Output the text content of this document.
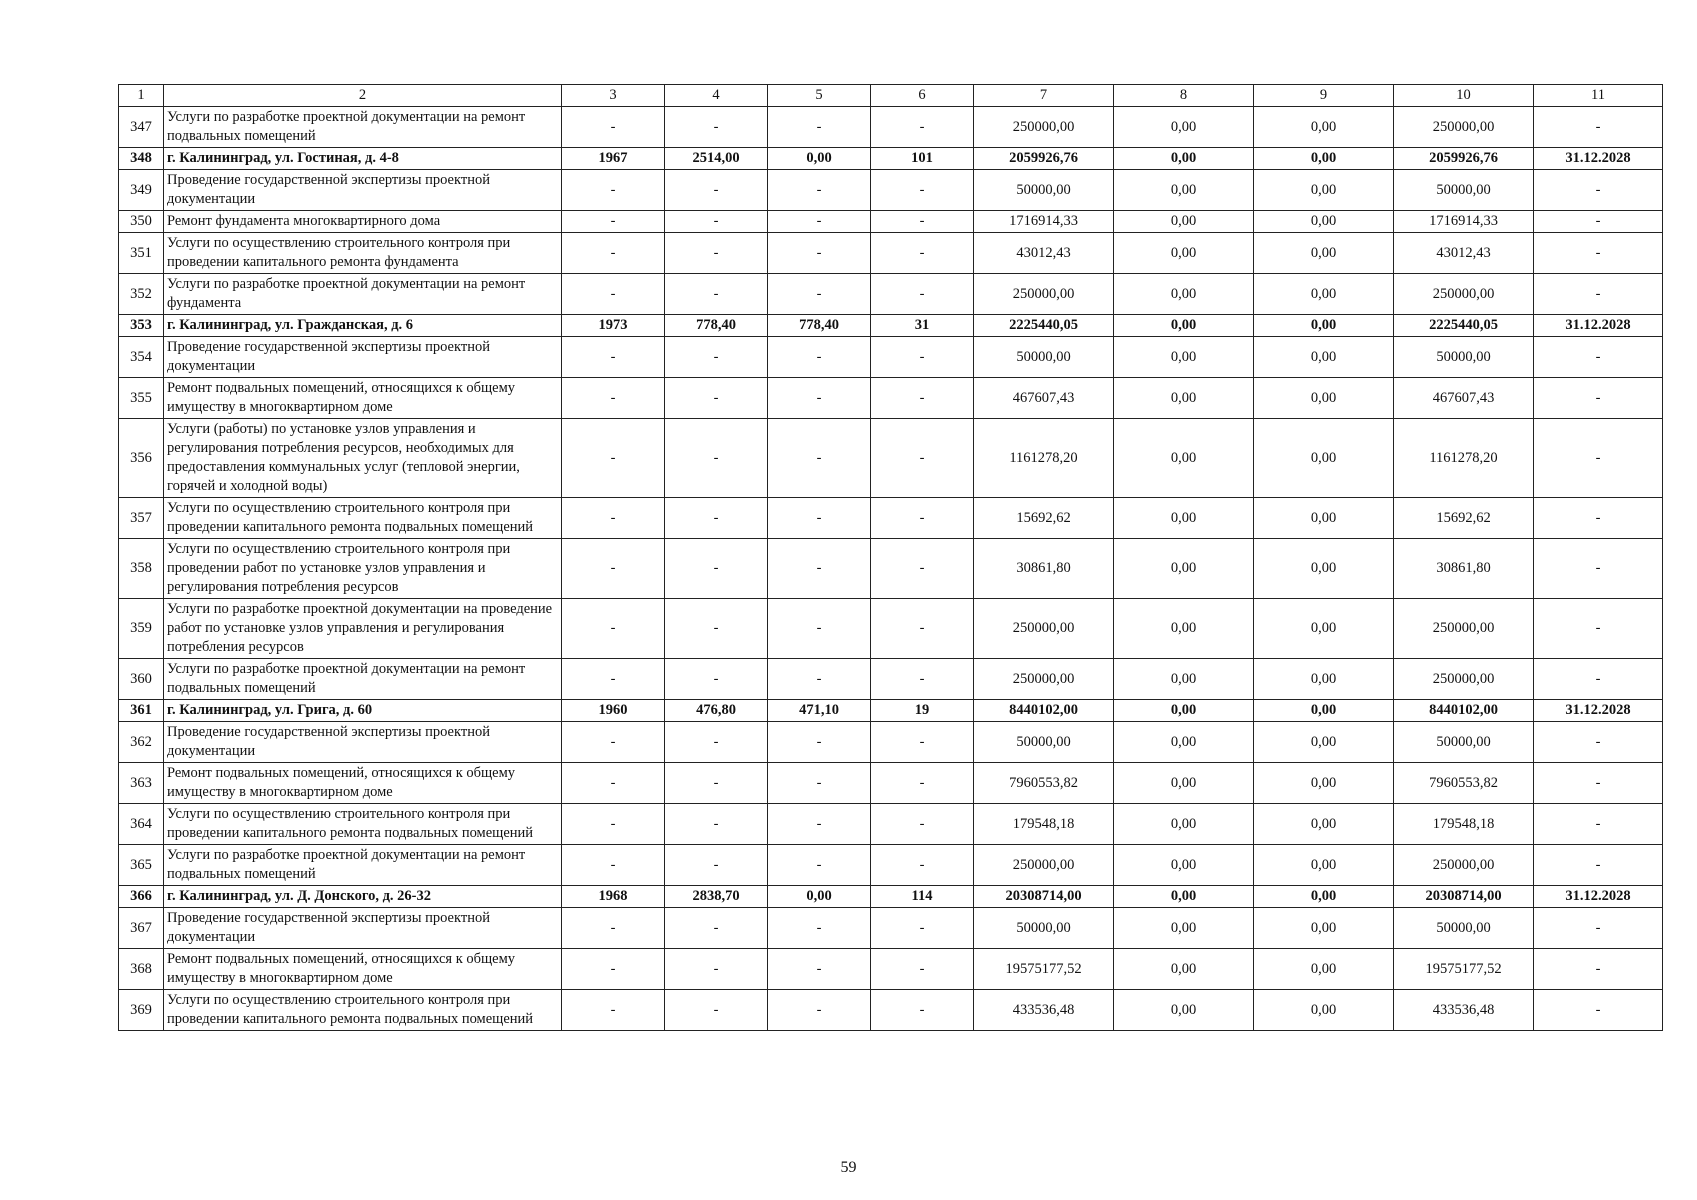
1	2	3	4	5	6	7	8	9	10	11
347	Услуги по разработке проектной документации на ремонт подвальных помещений	-	-	-	-	250000,00	0,00	0,00	250000,00	-
348	г. Калининград, ул. Гостиная, д. 4-8	1967	2514,00	0,00	101	2059926,76	0,00	0,00	2059926,76	31.12.2028
349	Проведение государственной экспертизы проектной документации	-	-	-	-	50000,00	0,00	0,00	50000,00	-
350	Ремонт фундамента многоквартирного дома	-	-	-	-	1716914,33	0,00	0,00	1716914,33	-
351	Услуги по осуществлению строительного контроля при проведении капитального ремонта фундамента	-	-	-	-	43012,43	0,00	0,00	43012,43	-
352	Услуги по разработке проектной документации на ремонт фундамента	-	-	-	-	250000,00	0,00	0,00	250000,00	-
353	г. Калининград, ул. Гражданская, д. 6	1973	778,40	778,40	31	2225440,05	0,00	0,00	2225440,05	31.12.2028
354	Проведение государственной экспертизы проектной документации	-	-	-	-	50000,00	0,00	0,00	50000,00	-
355	Ремонт подвальных помещений, относящихся к общему имуществу в многоквартирном доме	-	-	-	-	467607,43	0,00	0,00	467607,43	-
356	Услуги (работы) по установке узлов управления и регулирования потребления ресурсов, необходимых для предоставления коммунальных услуг (тепловой энергии, горячей и холодной воды)	-	-	-	-	1161278,20	0,00	0,00	1161278,20	-
357	Услуги по осуществлению строительного контроля при проведении капитального ремонта подвальных помещений	-	-	-	-	15692,62	0,00	0,00	15692,62	-
358	Услуги по осуществлению строительного контроля при проведении работ по установке узлов управления и регулирования потребления ресурсов	-	-	-	-	30861,80	0,00	0,00	30861,80	-
359	Услуги по разработке проектной документации на проведение работ по установке узлов управления и регулирования потребления ресурсов	-	-	-	-	250000,00	0,00	0,00	250000,00	-
360	Услуги по разработке проектной документации на ремонт подвальных помещений	-	-	-	-	250000,00	0,00	0,00	250000,00	-
361	г. Калининград, ул. Грига, д. 60	1960	476,80	471,10	19	8440102,00	0,00	0,00	8440102,00	31.12.2028
362	Проведение государственной экспертизы проектной документации	-	-	-	-	50000,00	0,00	0,00	50000,00	-
363	Ремонт подвальных помещений, относящихся к общему имуществу в многоквартирном доме	-	-	-	-	7960553,82	0,00	0,00	7960553,82	-
364	Услуги по осуществлению строительного контроля при проведении капитального ремонта подвальных помещений	-	-	-	-	179548,18	0,00	0,00	179548,18	-
365	Услуги по разработке проектной документации на ремонт подвальных помещений	-	-	-	-	250000,00	0,00	0,00	250000,00	-
366	г. Калининград, ул. Д. Донского, д. 26-32	1968	2838,70	0,00	114	20308714,00	0,00	0,00	20308714,00	31.12.2028
367	Проведение государственной экспертизы проектной документации	-	-	-	-	50000,00	0,00	0,00	50000,00	-
368	Ремонт подвальных помещений, относящихся к общему имуществу в многоквартирном доме	-	-	-	-	19575177,52	0,00	0,00	19575177,52	-
369	Услуги по осуществлению строительного контроля при проведении капитального ремонта подвальных помещений	-	-	-	-	433536,48	0,00	0,00	433536,48	-
59
